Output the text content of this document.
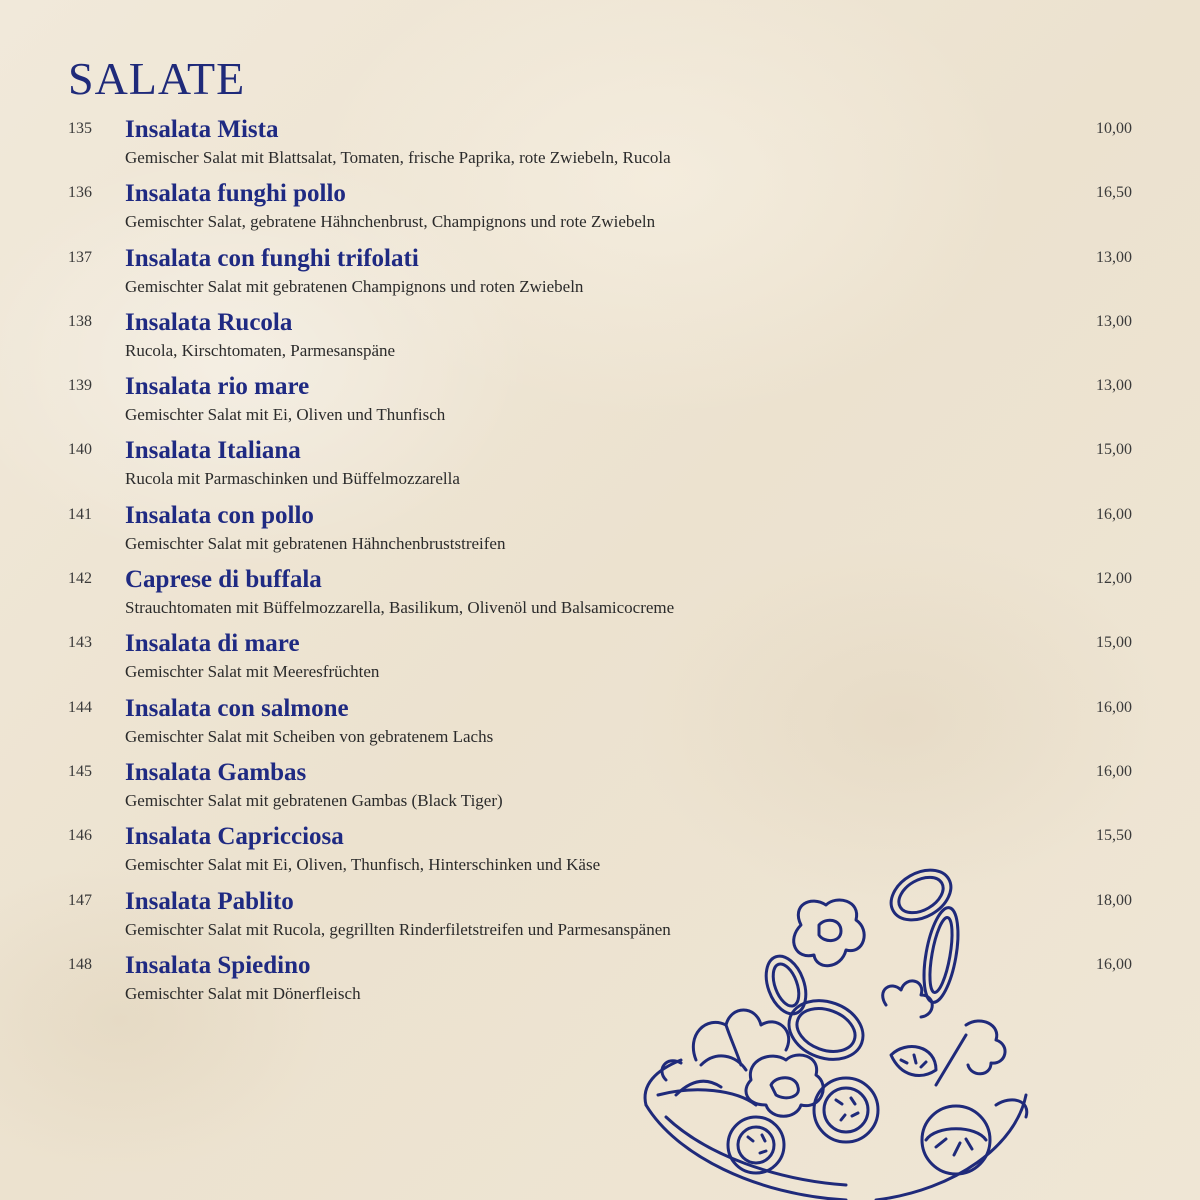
SALATE
135 Insalata Mista
Gemischer Salat mit Blattsalat, Tomaten, frische Paprika, rote Zwiebeln, Rucola
10,00
136 Insalata funghi pollo
Gemischter Salat, gebratene Hähnchenbrust, Champignons und rote Zwiebeln
16,50
137 Insalata con funghi trifolati
Gemischter Salat mit gebratenen Champignons und roten Zwiebeln
13,00
138 Insalata Rucola
Rucola, Kirschtomaten, Parmesanspäne
13,00
139 Insalata rio mare
Gemischter Salat mit Ei, Oliven und Thunfisch
13,00
140 Insalata Italiana
Rucola mit Parmaschinken und Büffelmozzarella
15,00
141 Insalata con pollo
Gemischter Salat mit gebratenen Hähnchenbruststreifen
16,00
142 Caprese di buffala
Strauchtomaten mit Büffelmozzarella, Basilikum, Olivenöl und Balsamicocreme
12,00
143 Insalata di mare
Gemischter Salat mit Meeresfrüchten
15,00
144 Insalata con salmone
Gemischter Salat mit Scheiben von gebratenem Lachs
16,00
145 Insalata Gambas
Gemischter Salat mit gebratenen Gambas (Black Tiger)
16,00
146 Insalata Capricciosa
Gemischter Salat mit Ei, Oliven, Thunfisch, Hinterschinken und Käse
15,50
147 Insalata Pablito
Gemischter Salat mit Rucola, gegrillten Rinderfiletstreifen und Parmesanspänen
18,00
148 Insalata Spiedino
Gemischter Salat mit Dönerfleisch
16,00
